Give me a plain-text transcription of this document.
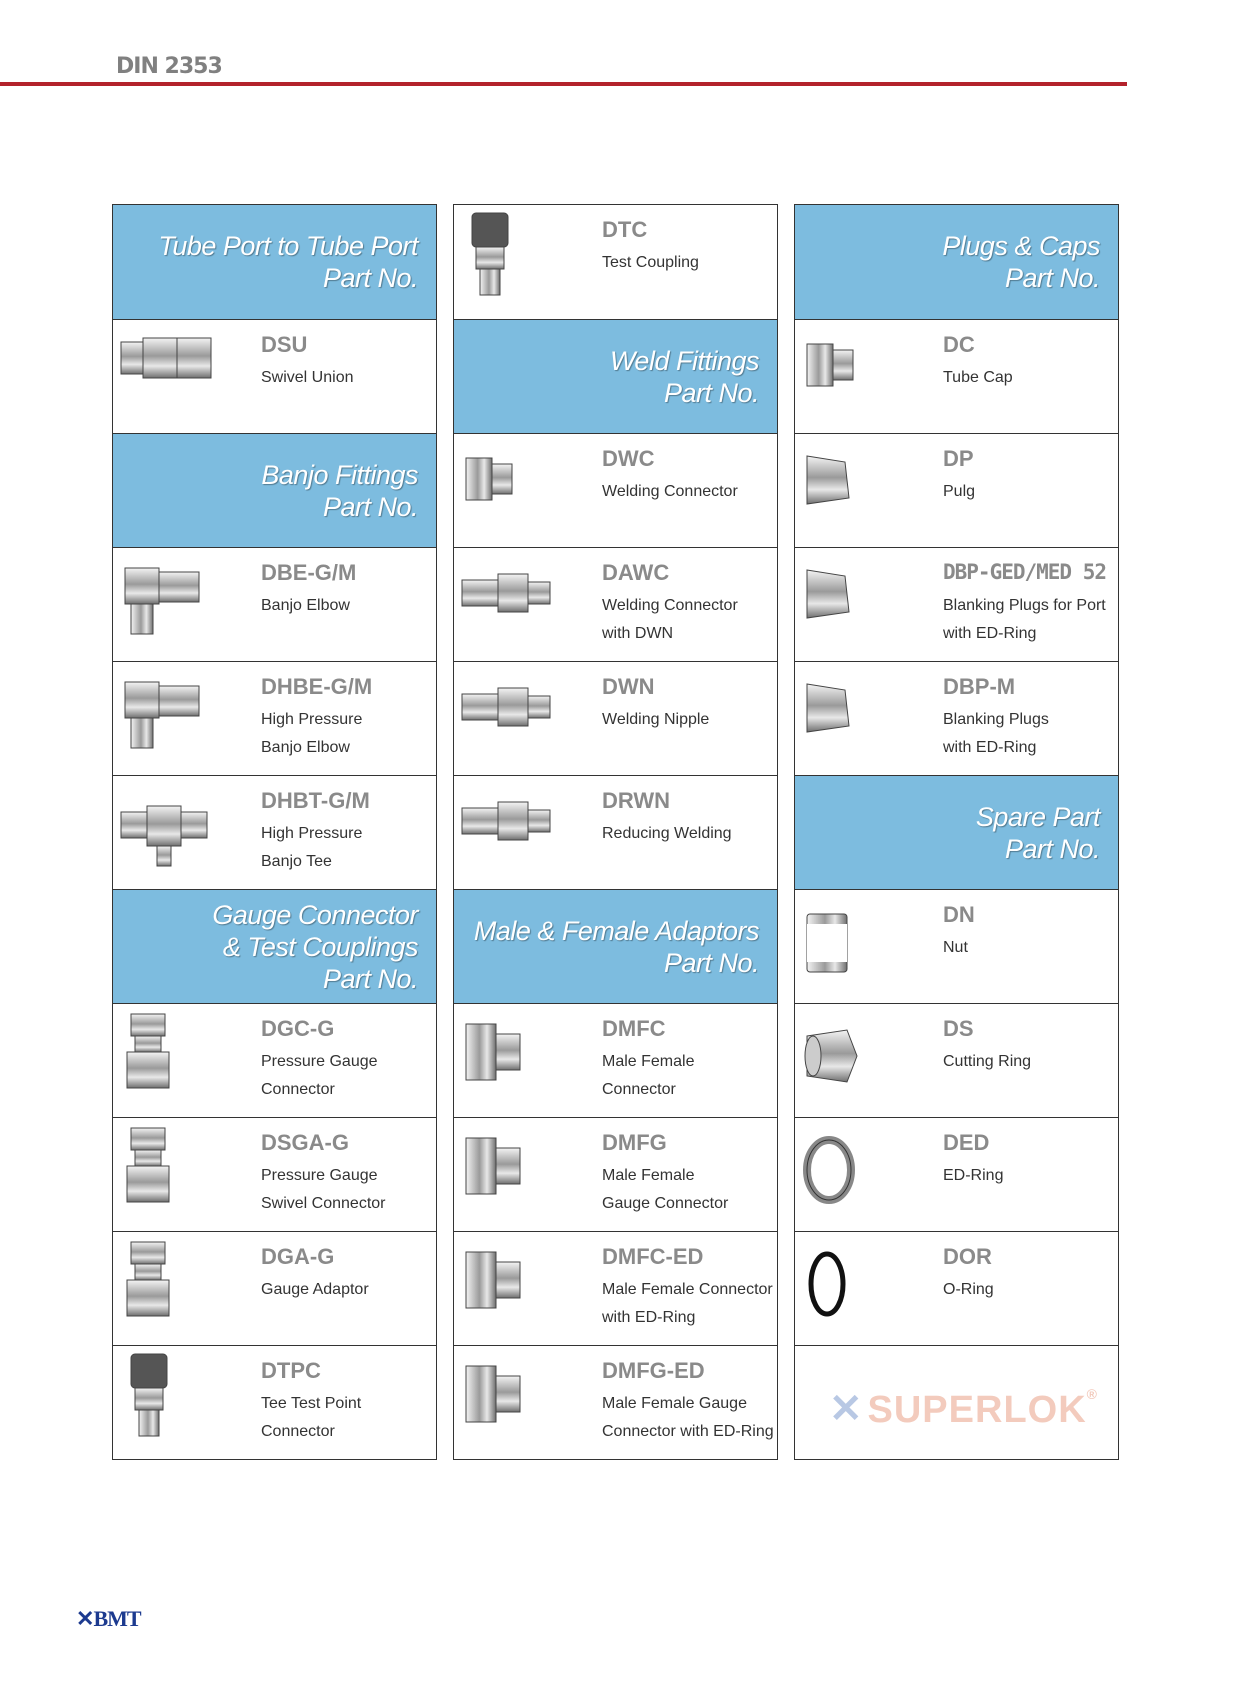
DIN 2353
Tube Port to Tube Port
Part No.
DSU
Swivel Union
Banjo Fittings
Part No.
DBE-G/M
Banjo Elbow
DHBE-G/M
High Pressure
Banjo Elbow
DHBT-G/M
High Pressure
Banjo Tee
Gauge Connector
& Test Couplings
Part No.
DGC-G
Pressure Gauge
Connector
DSGA-G
Pressure Gauge
Swivel Connector
DGA-G
Gauge Adaptor
DTPC
Tee Test Point
Connector
DTC
Test Coupling
Weld Fittings
Part No.
DWC
Welding Connector
DAWC
Welding Connector
with DWN
DWN
Welding Nipple
DRWN
Reducing Welding
Male & Female Adaptors
Part No.
DMFC
Male Female
Connector
DMFG
Male Female
Gauge Connector
DMFC-ED
Male Female Connector
with ED-Ring
DMFG-ED
Male Female Gauge
Connector with ED-Ring
Plugs & Caps
Part No.
DC
Tube Cap
DP
Pulg
DBP-GED/MED 52
Blanking Plugs for Port
with ED-Ring
DBP-M
Blanking Plugs
with ED-Ring
Spare Part
Part No.
DN
Nut
DS
Cutting Ring
DED
ED-Ring
DOR
O-Ring
✕ SUPERLOK®
✕BMT
